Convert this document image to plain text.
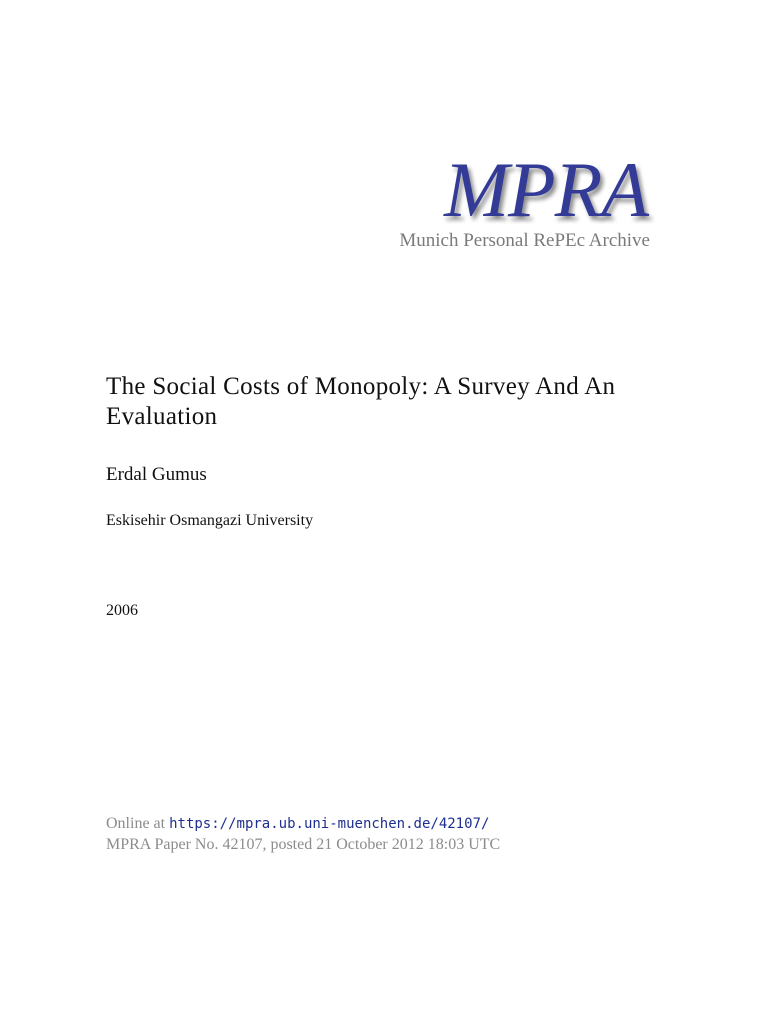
MPRA
Munich Personal RePEc Archive
The Social Costs of Monopoly: A Survey And An Evaluation
Erdal Gumus
Eskisehir Osmangazi University
2006
Online at https://mpra.ub.uni-muenchen.de/42107/
MPRA Paper No. 42107, posted 21 October 2012 18:03 UTC
